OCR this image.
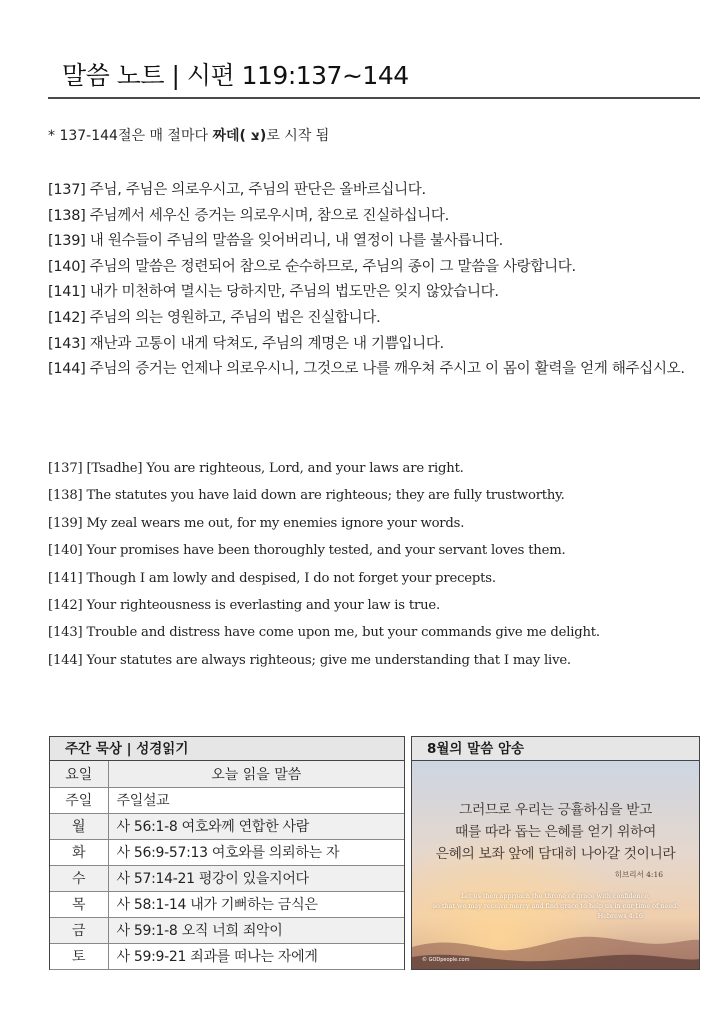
말씀 노트 | 시편 119:137~144
* 137-144절은 매 절마다 짜데( צ)로 시작 됨
[137] 주님, 주님은 의로우시고, 주님의 판단은 올바르십니다.
[138] 주님께서 세우신 증거는 의로우시며, 참으로 진실하십니다.
[139] 내 원수들이 주님의 말씀을 잊어버리니, 내 열정이 나를 불사릅니다.
[140] 주님의 말씀은 정련되어 참으로 순수하므로, 주님의 종이 그 말씀을 사랑합니다.
[141] 내가 미천하여 멸시는 당하지만, 주님의 법도만은 잊지 않았습니다.
[142] 주님의 의는 영원하고, 주님의 법은 진실합니다.
[143] 재난과 고통이 내게 닥쳐도, 주님의 계명은 내 기쁨입니다.
[144] 주님의 증거는 언제나 의로우시니, 그것으로 나를 깨우쳐 주시고 이 몸이 활력을 얻게 해주십시오.
[137] [Tsadhe] You are righteous, Lord, and your laws are right.
[138] The statutes you have laid down are righteous; they are fully trustworthy.
[139] My zeal wears me out, for my enemies ignore your words.
[140] Your promises have been thoroughly tested, and your servant loves them.
[141] Though I am lowly and despised, I do not forget your precepts.
[142] Your righteousness is everlasting and your law is true.
[143] Trouble and distress have come upon me, but your commands give me delight.
[144] Your statutes are always righteous; give me understanding that I may live.
주간 묵상 | 성경읽기
요일	오늘 읽을 말씀
주일	주일설교
월	사 56:1-8 여호와께 연합한 사람
화	사 56:9-57:13 여호와를 의뢰하는 자
수	사 57:14-21 평강이 있을지어다
목	사 58:1-14 내가 기뻐하는 금식은
금	사 59:1-8 오직 너희 죄악이
토	사 59:9-21 죄과를 떠나는 자에게
8월의 말씀 암송
그러므로 우리는 긍휼하심을 받고
때를 따라 돕는 은혜를 얻기 위하여
은혜의 보좌 앞에 담대히 나아갈 것이니라
히브리서 4:16
Let us then approach the throne of grace with confidence,
so that we may receive mercy and find grace to help us in our time of need.
Hebrews 4:16
© GODpeople.com
